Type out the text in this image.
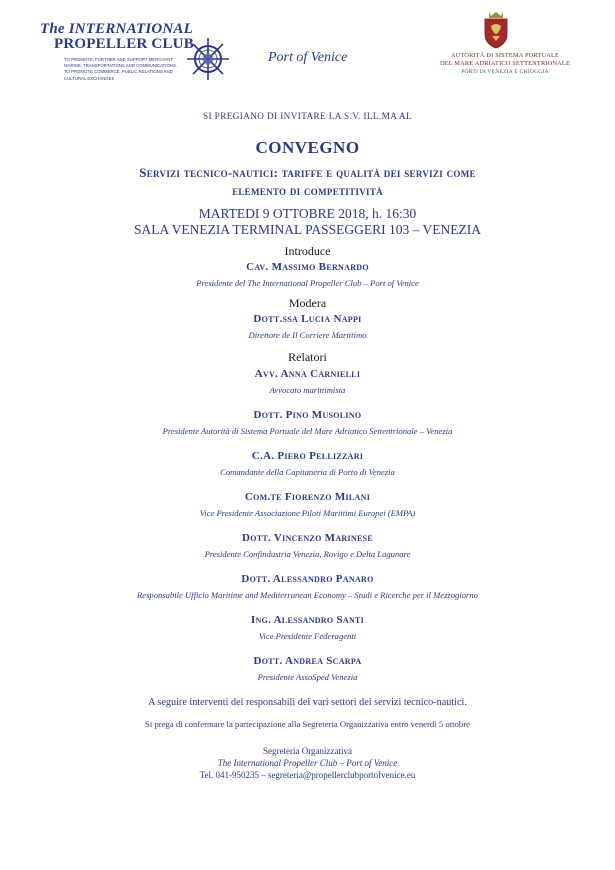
The INTERNATIONAL
PROPELLER CLUB
TO PROMOTE, FURTHER AND SUPPORT MERCHANT MARINE, TRANSPORTATIONS AND COMMUNICATIONS. TO PROMOTE COMMERCE, PUBLIC RELATIONS AND CULTURAL EXCHANGES
Port of Venice	AUTORITÀ DI SISTEMA PORTUALE
DEL MARE ADRIATICO SETTENTRIONALE
PORTI DI VENEZIA E CHIOGGIA
SI PREGIANO DI INVITARE LA S.V. ILL.MA AL
CONVEGNO
Servizi tecnico-nautici: tariffe e qualità dei servizi come
elemento di competitività
MARTEDI 9 OTTOBRE 2018, h. 16:30
SALA VENEZIA TERMINAL PASSEGGERI 103 – VENEZIA
Introduce
Cav. Massimo Bernardo
Presidente del The International Propeller Club – Port of Venice
Modera
Dott.ssa Lucia Nappi
Direttore de Il Corriere Marittimo
Relatori
Avv. Anna Carnielli
Avvocato marittimista
Dott. Pino Musolino
Presidente Autorità di Sistema Portuale del Mare Adriatico Settentrionale – Venezia
C.A. Piero Pellizzari
Comandante della Capitaneria di Porto di Venezia
Com.te Fiorenzo Milani
Vice Presidente Associazione Piloti Marittimi Europei (EMPA)
Dott. Vincenzo Marinese
Presidente Confindustria Venezia, Rovigo e Delta Lagunare
Dott. Alessandro Panaro
Responsabile Ufficio Maritime and Mediterranean Economy – Studi e Ricerche per il Mezzogiorno
Ing. Alessandro Santi
Vice Presidente Federagenti
Dott. Andrea Scarpa
Presidente AssoSped Venezia
A seguire interventi dei responsabili dei vari settori dei servizi tecnico-nautici.
Si prega di confermare la partecipazione alla Segreteria Organizzativa entro venerdì 5 ottobre
Segreteria Organizzativa
The International Propeller Club – Port of Venice
Tel. 041-950235 – segreteria@propellerclubportofvenice.eu
